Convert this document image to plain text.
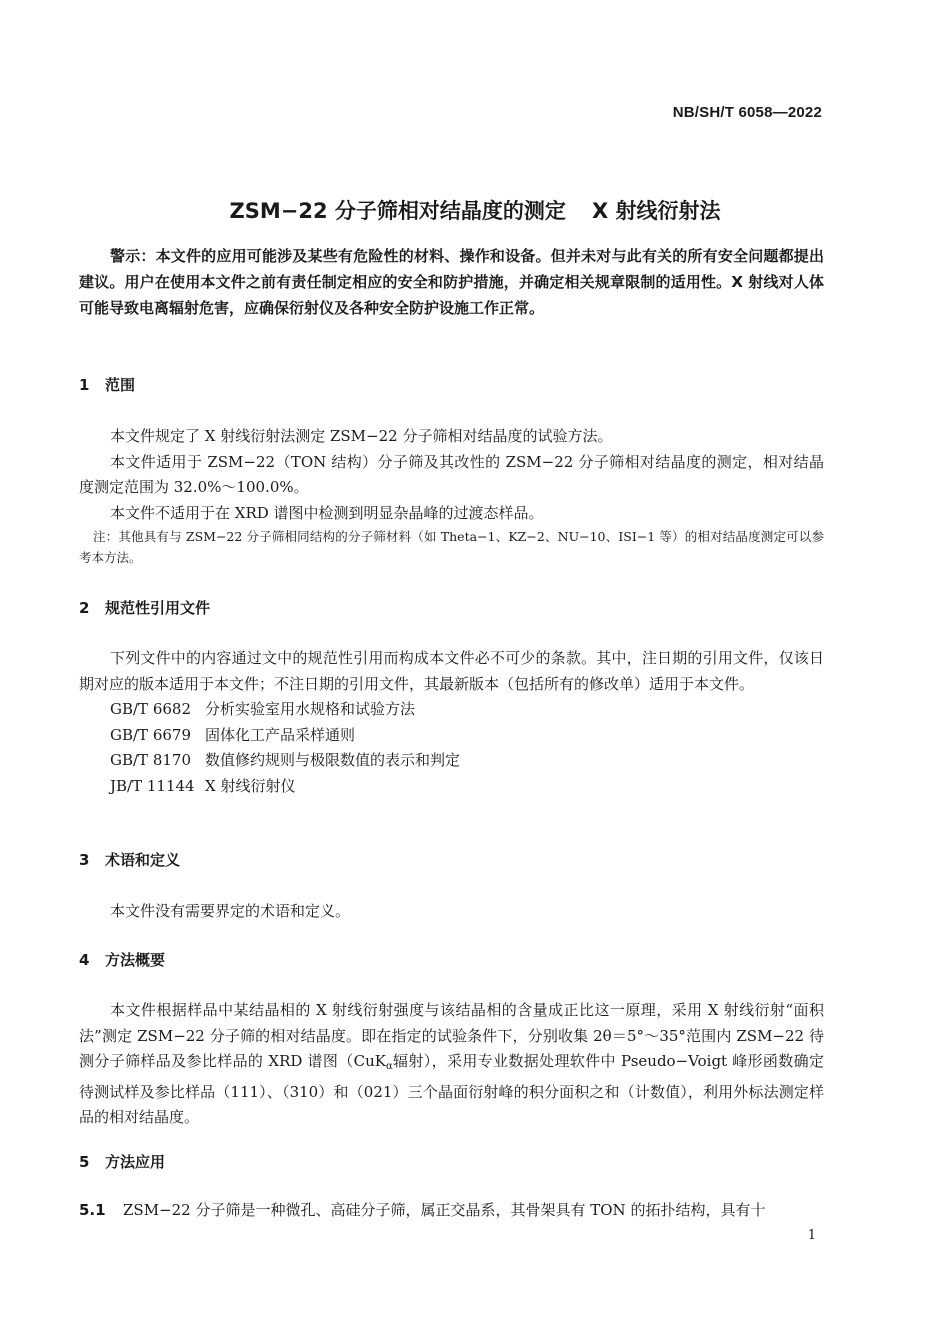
NB/SH/T 6058—2022
ZSM−22 分子筛相对结晶度的测定 X 射线衍射法
警示：本文件的应用可能涉及某些有危险性的材料、操作和设备。但并未对与此有关的所有安全问题都提出建议。用户在使用本文件之前有责任制定相应的安全和防护措施，并确定相关规章限制的适用性。X 射线对人体可能导致电离辐射危害，应确保衍射仪及各种安全防护设施工作正常。
1 范围

本文件规定了 X 射线衍射法测定 ZSM−22 分子筛相对结晶度的试验方法。

本文件适用于 ZSM−22（TON 结构）分子筛及其改性的 ZSM−22 分子筛相对结晶度的测定，相对结晶度测定范围为 32.0%～100.0%。

本文件不适用于在 XRD 谱图中检测到明显杂晶峰的过渡态样品。

注：其他具有与 ZSM−22 分子筛相同结构的分子筛材料（如 Theta−1、KZ−2、NU−10、ISI−1 等）的相对结晶度测定可以参考本方法。

2 规范性引用文件

下列文件中的内容通过文中的规范性引用而构成本文件必不可少的条款。其中，注日期的引用文件，仅该日期对应的版本适用于本文件；不注日期的引用文件，其最新版本（包括所有的修改单）适用于本文件。

GB/T 6682 分析实验室用水规格和试验方法
GB/T 6679 固体化工产品采样通则
GB/T 8170 数值修约规则与极限数值的表示和判定
JB/T 11144 X 射线衍射仪
3 术语和定义

本文件没有需要界定的术语和定义。

4 方法概要

本文件根据样品中某结晶相的 X 射线衍射强度与该结晶相的含量成正比这一原理，采用 X 射线衍射“面积法”测定 ZSM−22 分子筛的相对结晶度。即在指定的试验条件下，分别收集 2θ＝5°～35°范围内 ZSM−22 待测分子筛样品及参比样品的 XRD 谱图（CuK$_\alpha$辐射），采用专业数据处理软件中 Pseudo−Voigt 峰形函数确定待测试样及参比样品（111）、（310）和（021）三个晶面衍射峰的积分面积之和（计数值），利用外标法测定样品的相对结晶度。

5 方法应用
5.1 ZSM−22 分子筛是一种微孔、高硅分子筛，属正交晶系，其骨架具有 TON 的拓扑结构，具有十
1
